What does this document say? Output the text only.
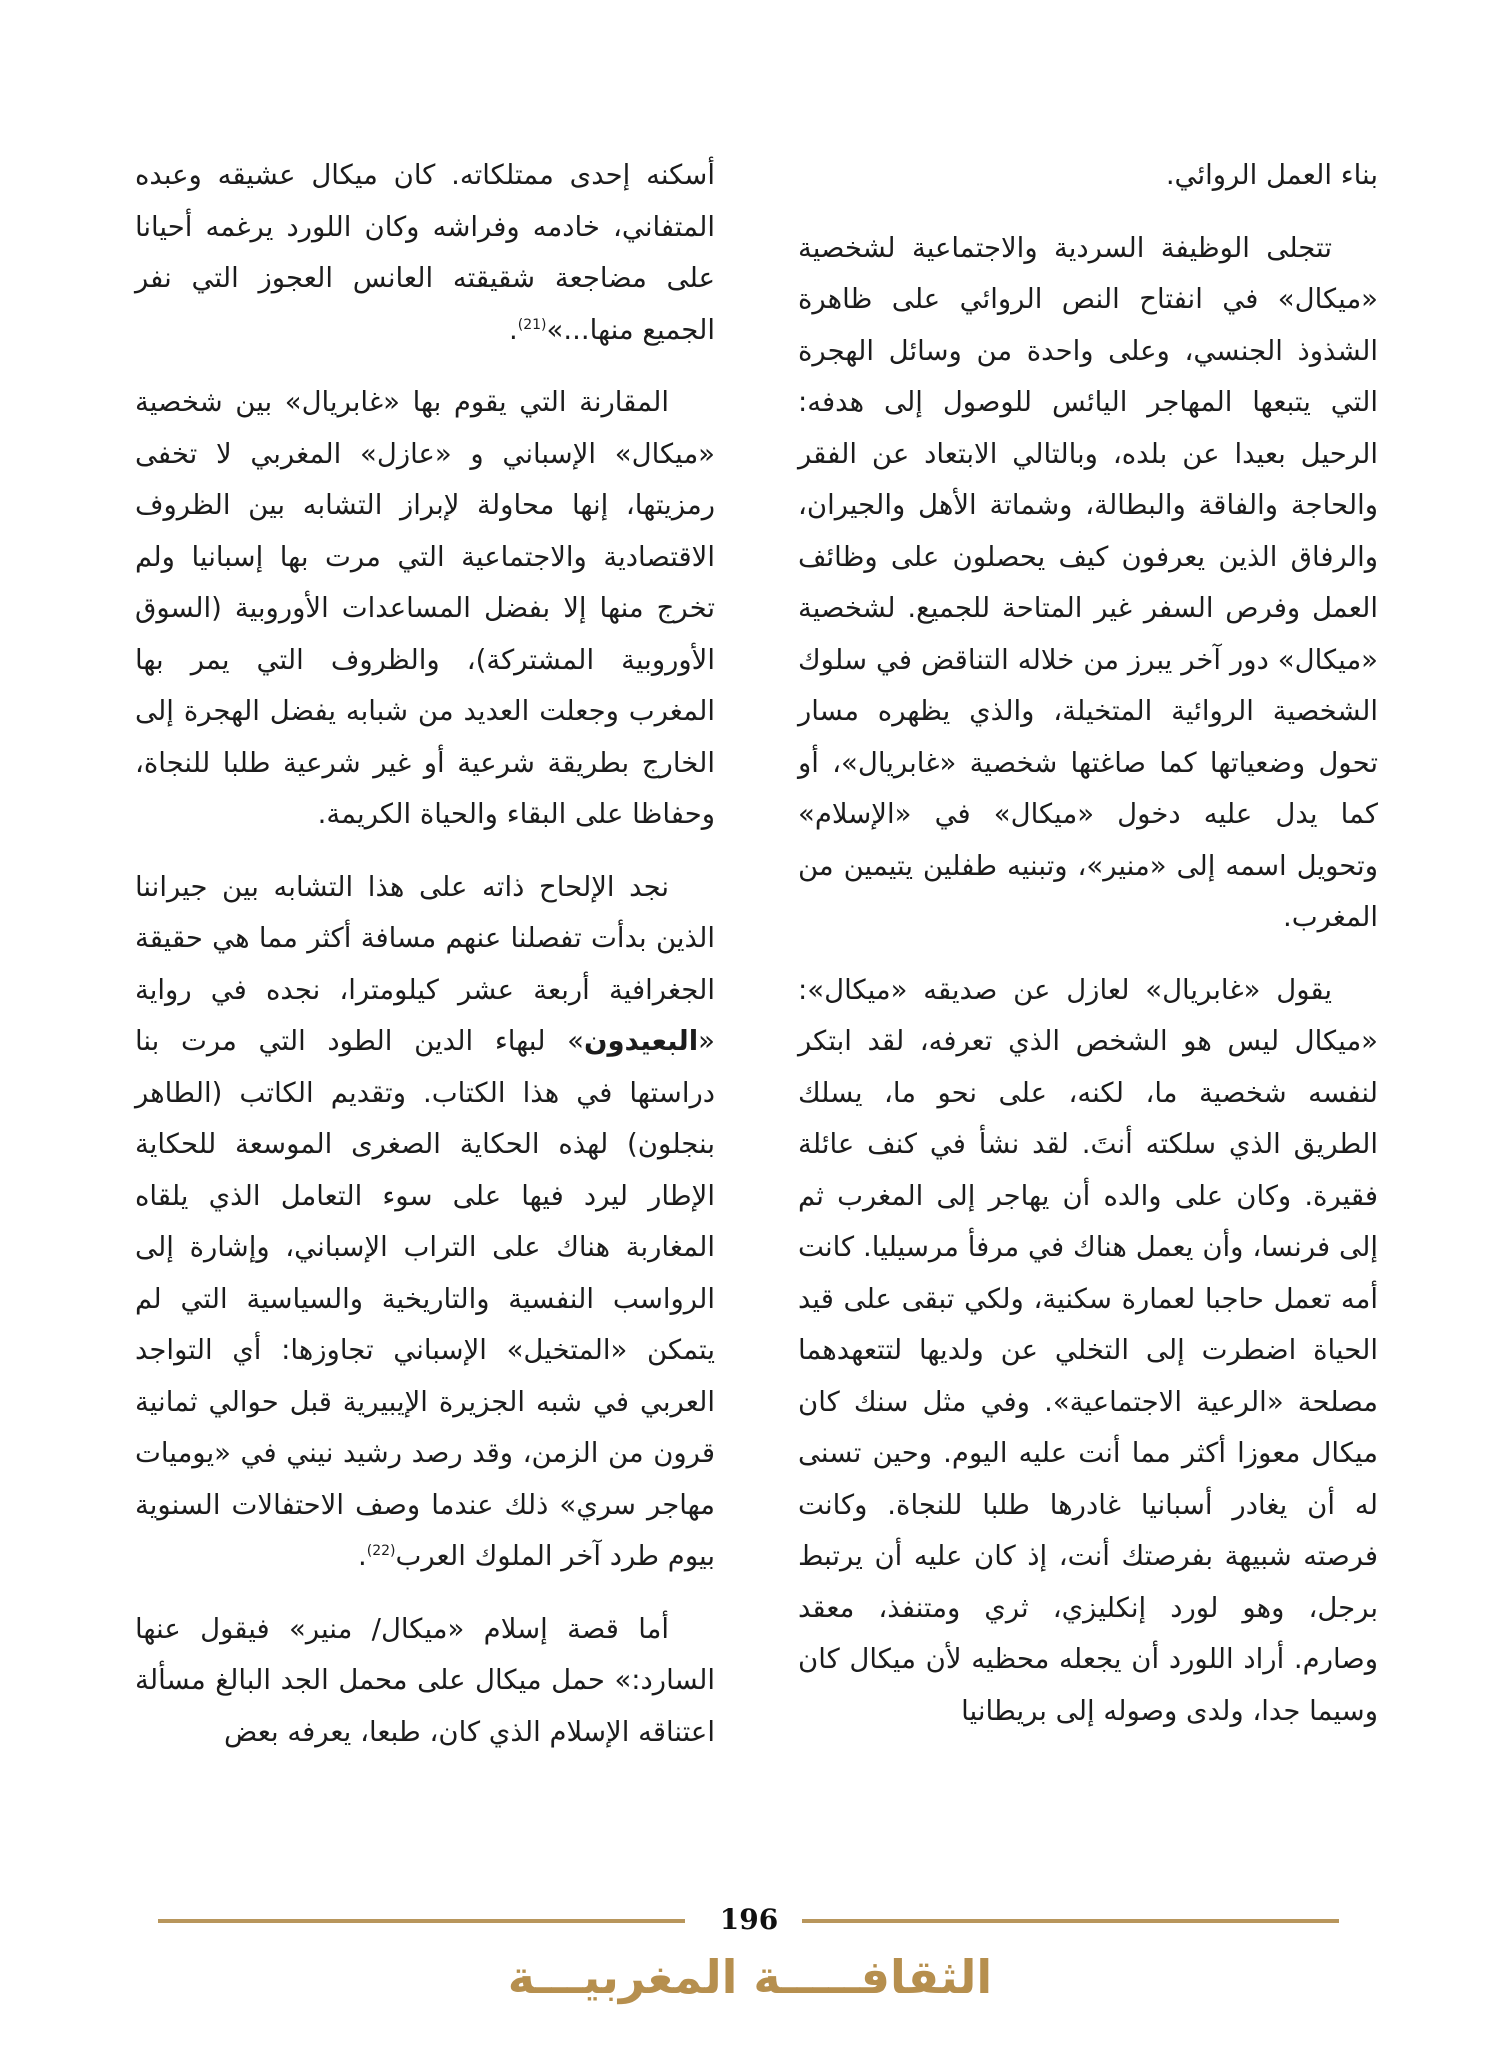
بناء العمل الروائي.

تتجلى الوظيفة السردية والاجتماعية لشخصية «ميكال» في انفتاح النص الروائي على ظاهرة الشذوذ الجنسي، وعلى واحدة من وسائل الهجرة التي يتبعها المهاجر اليائس للوصول إلى هدفه: الرحيل بعيدا عن بلده، وبالتالي الابتعاد عن الفقر والحاجة والفاقة والبطالة، وشماتة الأهل والجيران، والرفاق الذين يعرفون كيف يحصلون على وظائف العمل وفرص السفر غير المتاحة للجميع. لشخصية «ميكال» دور آخر يبرز من خلاله التناقض في سلوك الشخصية الروائية المتخيلة، والذي يظهره مسار تحول وضعياتها كما صاغتها شخصية «غابريال»، أو كما يدل عليه دخول «ميكال» في «الإسلام» وتحويل اسمه إلى «منير»، وتبنيه طفلين يتيمين من المغرب.

يقول «غابريال» لعازل عن صديقه «ميكال»: «ميكال ليس هو الشخص الذي تعرفه، لقد ابتكر لنفسه شخصية ما، لكنه، على نحو ما، يسلك الطريق الذي سلكته أنتَ. لقد نشأ في كنف عائلة فقيرة. وكان على والده أن يهاجر إلى المغرب ثم إلى فرنسا، وأن يعمل هناك في مرفأ مرسيليا. كانت أمه تعمل حاجبا لعمارة سكنية، ولكي تبقى على قيد الحياة اضطرت إلى التخلي عن ولديها لتتعهدهما مصلحة «الرعية الاجتماعية». وفي مثل سنك كان ميكال معوزا أكثر مما أنت عليه اليوم. وحين تسنى له أن يغادر أسبانيا غادرها طلبا للنجاة. وكانت فرصته شبيهة بفرصتك أنت، إذ كان عليه أن يرتبط برجل، وهو لورد إنكليزي، ثري ومتنفذ، معقد وصارم. أراد اللورد أن يجعله محظيه لأن ميكال كان وسيما جدا، ولدى وصوله إلى بريطانيا

أسكنه إحدى ممتلكاته. كان ميكال عشيقه وعبده المتفاني، خادمه وفراشه وكان اللورد يرغمه أحيانا على مضاجعة شقيقته العانس العجوز التي نفر الجميع منها...»$^{(21)}$.

المقارنة التي يقوم بها «غابريال» بين شخصية «ميكال» الإسباني و «عازل» المغربي لا تخفى رمزيتها، إنها محاولة لإبراز التشابه بين الظروف الاقتصادية والاجتماعية التي مرت بها إسبانيا ولم تخرج منها إلا بفضل المساعدات الأوروبية (السوق الأوروبية المشتركة)، والظروف التي يمر بها المغرب وجعلت العديد من شبابه يفضل الهجرة إلى الخارج بطريقة شرعية أو غير شرعية طلبا للنجاة، وحفاظا على البقاء والحياة الكريمة.

نجد الإلحاح ذاته على هذا التشابه بين جيراننا الذين بدأت تفصلنا عنهم مسافة أكثر مما هي حقيقة الجغرافية أربعة عشر كيلومترا، نجده في رواية «البعيدون» لبهاء الدين الطود التي مرت بنا دراستها في هذا الكتاب. وتقديم الكاتب (الطاهر بنجلون) لهذه الحكاية الصغرى الموسعة للحكاية الإطار ليرد فيها على سوء التعامل الذي يلقاه المغاربة هناك على التراب الإسباني، وإشارة إلى الرواسب النفسية والتاريخية والسياسية التي لم يتمكن «المتخيل» الإسباني تجاوزها: أي التواجد العربي في شبه الجزيرة الإيبيرية قبل حوالي ثمانية قرون من الزمن، وقد رصد رشيد نيني في «يوميات مهاجر سري» ذلك عندما وصف الاحتفالات السنوية بيوم طرد آخر الملوك العرب$^{(22)}$.

أما قصة إسلام «ميكال/ منير» فيقول عنها السارد:» حمل ميكال على محمل الجد البالغ مسألة اعتناقه الإسلام الذي كان، طبعا، يعرفه بعض

196
الثقافـــــة المغربيـــة
